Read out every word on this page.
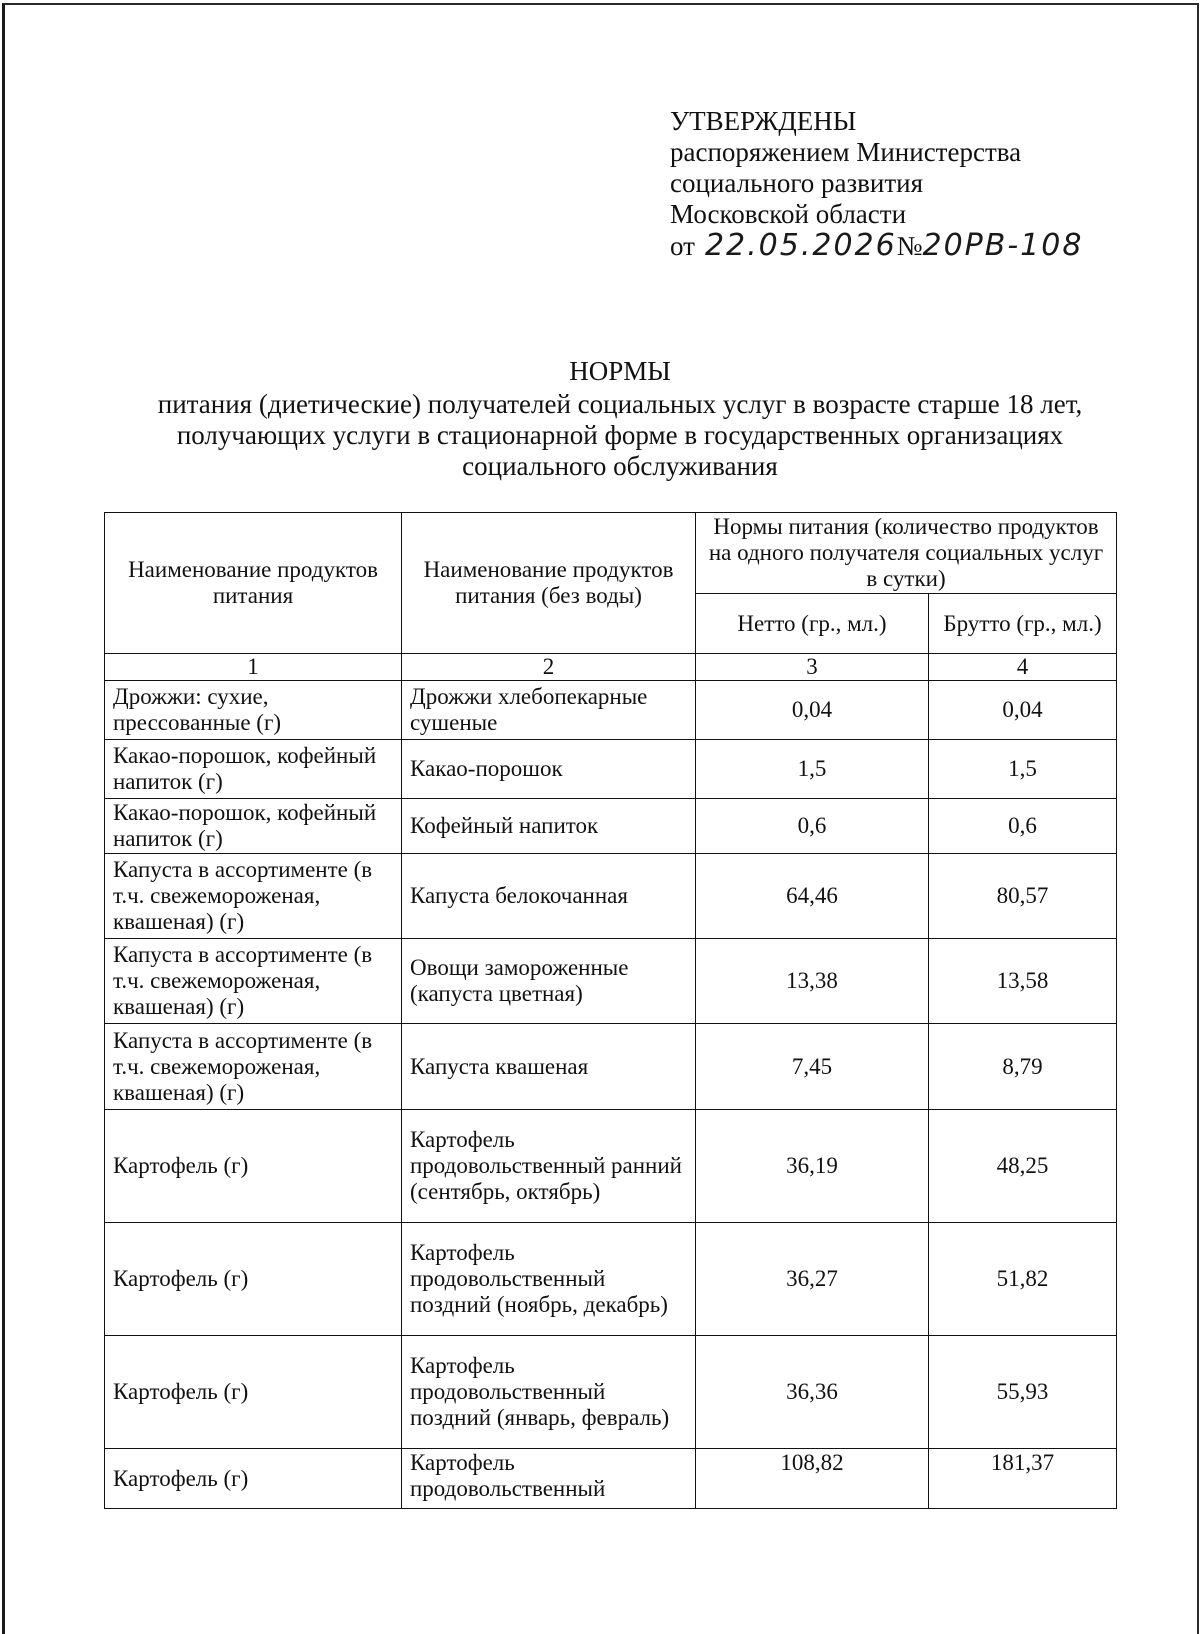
УТВЕРЖДЕНЫ
распоряжением Министерства
социального развития
Московской области
от 22.05.2026 № 20РВ-108
НОРМЫ
питания (диетические) получателей социальных услуг в возрасте старше 18 лет,
получающих услуги в стационарной форме в государственных организациях
социального обслуживания
Наименование продуктов питания	Наименование продуктов питания (без воды)	Нормы питания (количество продуктов на одного получателя социальных услуг в сутки)	
		Нетто (гр., мл.)	Брутто (гр., мл.)
1	2	3	4
Дрожжи: сухие, прессованные (г)	Дрожжи хлебопекарные сушеные	0,04	0,04
Какао-порошок, кофейный напиток (г)	Какао-порошок	1,5	1,5
Какао-порошок, кофейный напиток (г)	Кофейный напиток	0,6	0,6
Капуста в ассортименте (в т.ч. свежемороженая, квашеная) (г)	Капуста белокочанная	64,46	80,57
Капуста в ассортименте (в т.ч. свежемороженая, квашеная) (г)	Овощи замороженные (капуста цветная)	13,38	13,58
Капуста в ассортименте (в т.ч. свежемороженая, квашеная) (г)	Капуста квашеная	7,45	8,79
Картофель (г)	Картофель продовольственный ранний (сентябрь, октябрь)	36,19	48,25
Картофель (г)	Картофель продовольственный поздний (ноябрь, декабрь)	36,27	51,82
Картофель (г)	Картофель продовольственный поздний (январь, февраль)	36,36	55,93
Картофель (г)	Картофель продовольственный	108,82	181,37
